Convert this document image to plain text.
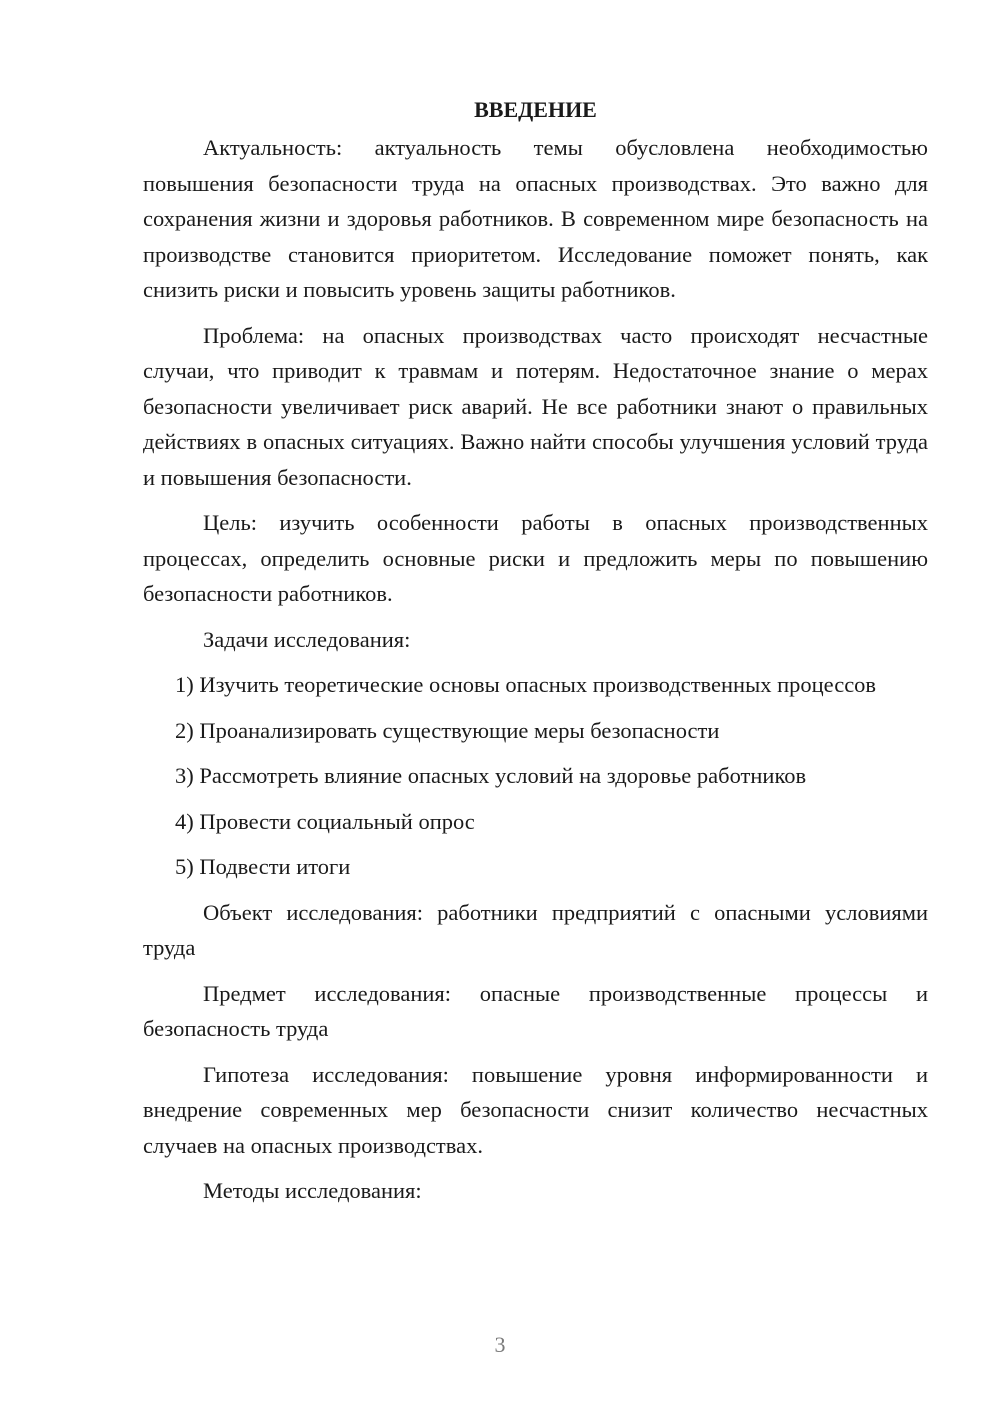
ВВЕДЕНИЕ

Актуальность: актуальность темы обусловлена необходимостью повышения безопасности труда на опасных производствах. Это важно для сохранения жизни и здоровья работников. В современном мире безопасность на производстве становится приоритетом. Исследование поможет понять, как снизить риски и повысить уровень защиты работников.

Проблема: на опасных производствах часто происходят несчастные случаи, что приводит к травмам и потерям. Недостаточное знание о мерах безопасности увеличивает риск аварий. Не все работники знают о правильных действиях в опасных ситуациях. Важно найти способы улучшения условий труда и повышения безопасности.

Цель: изучить особенности работы в опасных производственных процессах, определить основные риски и предложить меры по повышению безопасности работников.

Задачи исследования:

1) Изучить теоретические основы опасных производственных процессов

2) Проанализировать существующие меры безопасности

3) Рассмотреть влияние опасных условий на здоровье работников

4) Провести социальный опрос

5) Подвести итоги

Объект исследования: работники предприятий с опасными условиями труда

Предмет исследования: опасные производственные процессы и безопасность труда

Гипотеза исследования: повышение уровня информированности и внедрение современных мер безопасности снизит количество несчастных случаев на опасных производствах.

Методы исследования:

3
